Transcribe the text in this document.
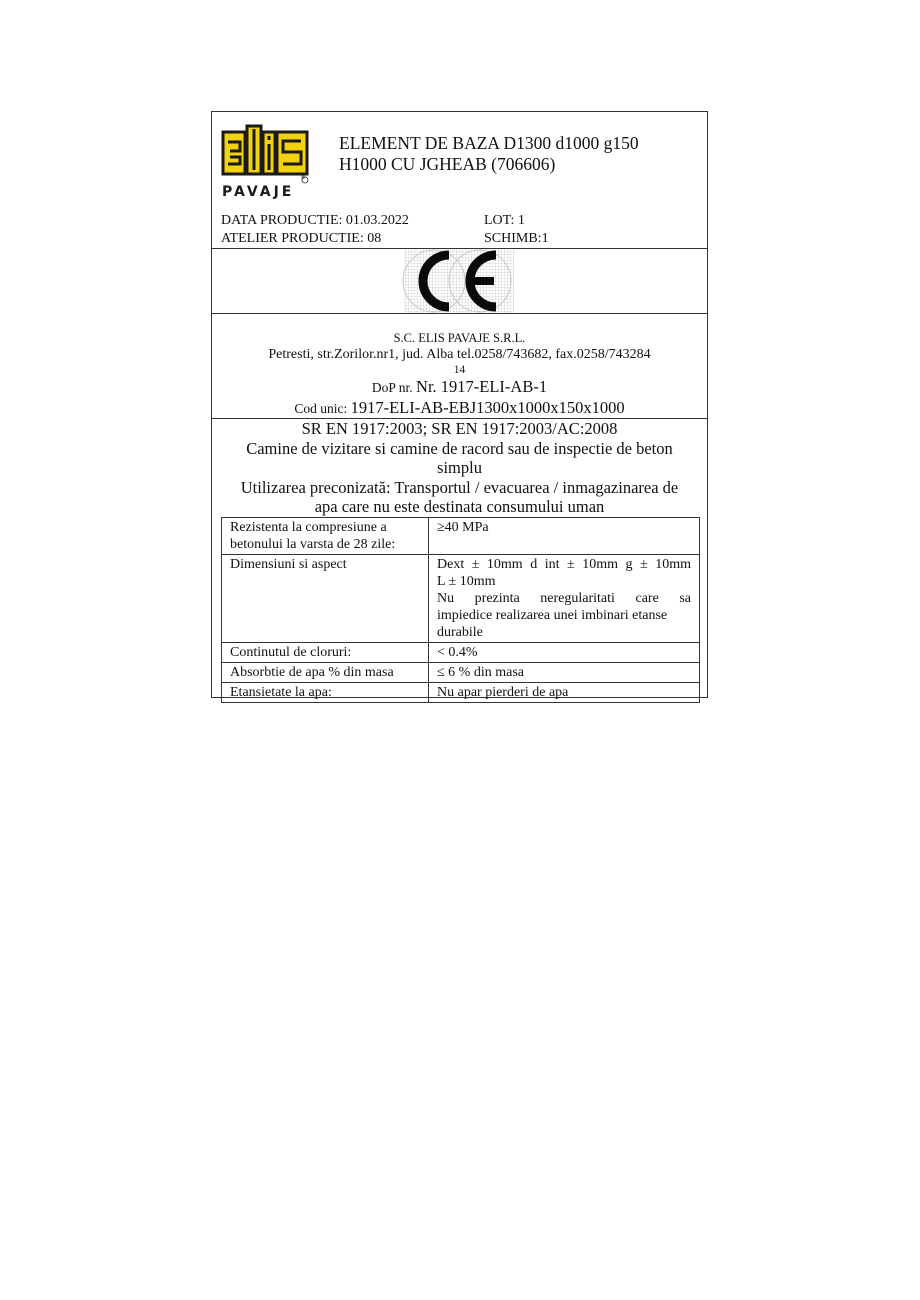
®
PAVAJE
ELEMENT DE BAZA D1300 d1000 g150
H1000 CU JGHEAB (706606)
DATA PRODUCTIE: 01.03.2022	LOT: 1
ATELIER PRODUCTIE: 08	SCHIMB:1
S.C. ELIS PAVAJE S.R.L.
Petresti, str.Zorilor.nr1, jud. Alba tel.0258/743682, fax.0258/743284
14
DoP nr. Nr. 1917-ELI-AB-1
Cod unic: 1917-ELI-AB-EBJ1300x1000x150x1000
SR EN 1917:2003; SR EN 1917:2003/AC:2008
Camine de vizitare si camine de racord sau de inspectie de beton
simplu
Utilizarea preconizată: Transportul / evacuarea / inmagazinarea de
apa care nu este destinata consumului uman
Rezistenta la compresiune a
betonului la varsta de 28 zile:	≥40 MPa
Dimensiuni si aspect	Dext ± 10mm d int ± 10mm g ± 10mm
L ± 10mm
Nu prezinta neregularitati care sa
impiedice realizarea unei imbinari etanse
durabile

Continutul de cloruri:	< 0.4%
Absorbtie de apa % din masa	≤ 6 % din masa
Etansietate la apa:	Nu apar pierderi de apa
